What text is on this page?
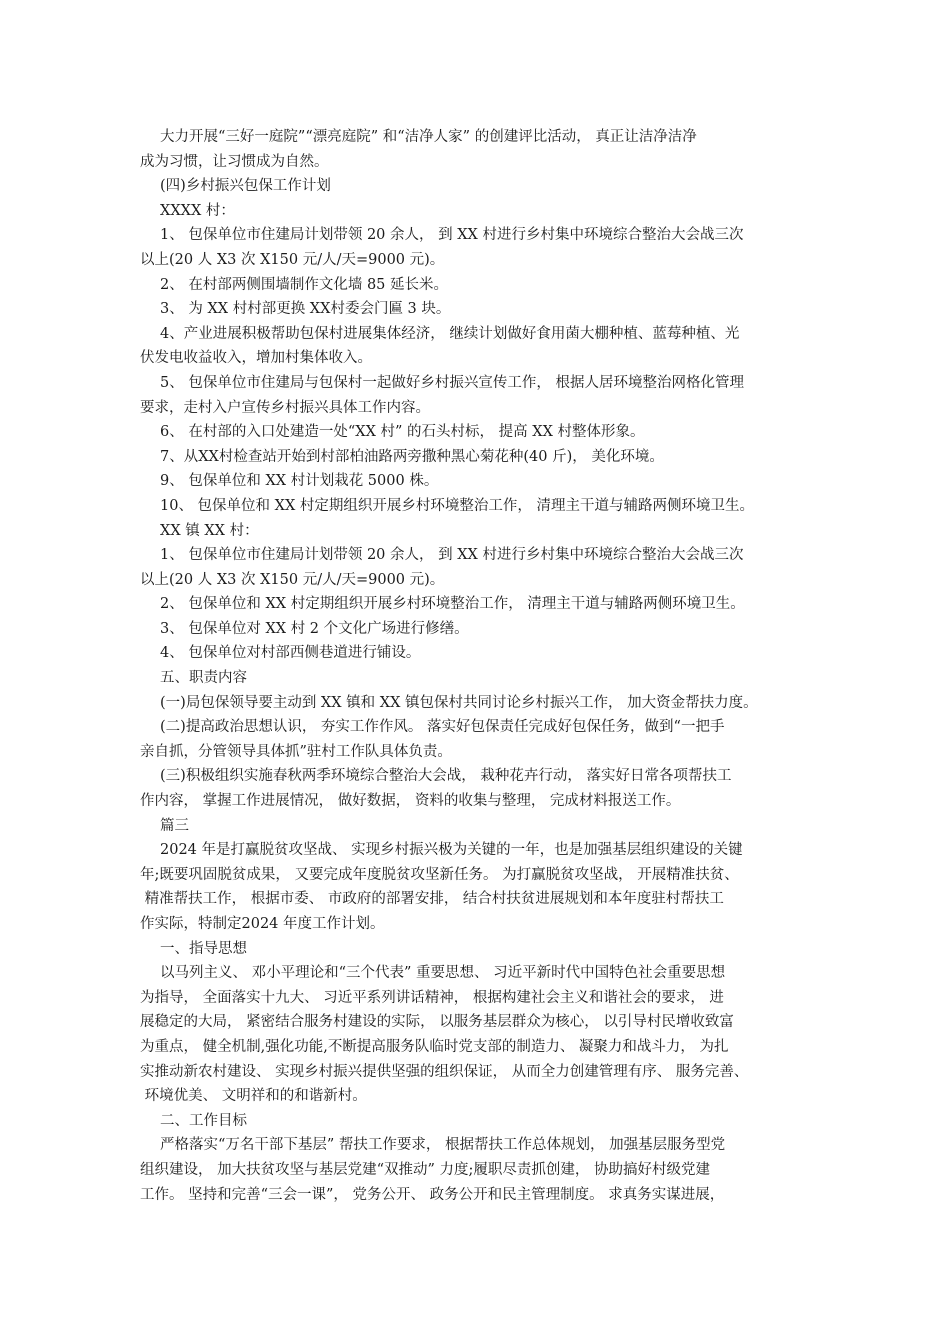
大力开展“三好一庭院”“漂亮庭院” 和“洁净人家” 的创建评比活动， 真正让洁净洁净
成为习惯，让习惯成为自然。
(四)乡村振兴包保工作计划
XXXX 村：
1、 包保单位市住建局计划带领 20 余人， 到 XX 村进行乡村集中环境综合整治大会战三次
以上(20 人 X3 次 X150 元/人/天=9000 元)。
2、 在村部两侧围墙制作文化墙 85 延长米。
3、 为 XX 村村部更换 XX村委会门匾 3 块。
4、产业进展积极帮助包保村进展集体经济， 继续计划做好食用菌大棚种植、蓝莓种植、光
伏发电收益收入，增加村集体收入。
5、 包保单位市住建局与包保村一起做好乡村振兴宣传工作， 根据人居环境整治网格化管理
要求，走村入户宣传乡村振兴具体工作内容。
6、 在村部的入口处建造一处“XX 村” 的石头村标， 提高 XX 村整体形象。
7、从XX村检查站开始到村部柏油路两旁撒种黑心菊花种(40 斤)， 美化环境。
9、 包保单位和 XX 村计划栽花 5000 株。
10、 包保单位和 XX 村定期组织开展乡村环境整治工作， 清理主干道与辅路两侧环境卫生。
XX 镇 XX 村：
1、 包保单位市住建局计划带领 20 余人， 到 XX 村进行乡村集中环境综合整治大会战三次
以上(20 人 X3 次 X150 元/人/天=9000 元)。
2、 包保单位和 XX 村定期组织开展乡村环境整治工作， 清理主干道与辅路两侧环境卫生。
3、 包保单位对 XX 村 2 个文化广场进行修缮。
4、 包保单位对村部西侧巷道进行铺设。
五、职责内容
(一)局包保领导要主动到 XX 镇和 XX 镇包保村共同讨论乡村振兴工作， 加大资金帮扶力度。
(二)提高政治思想认识， 夯实工作作风。 落实好包保责任完成好包保任务，做到“一把手
亲自抓，分管领导具体抓”驻村工作队具体负责。
(三)积极组织实施春秋两季环境综合整治大会战， 栽种花卉行动， 落实好日常各项帮扶工
作内容， 掌握工作进展情况， 做好数据， 资料的收集与整理， 完成材料报送工作。
篇三
2024 年是打赢脱贫攻坚战、 实现乡村振兴极为关键的一年，也是加强基层组织建设的关键
年;既要巩固脱贫成果， 又要完成年度脱贫攻坚新任务。 为打赢脱贫攻坚战， 开展精准扶贫、
精准帮扶工作， 根据市委、 市政府的部署安排， 结合村扶贫进展规划和本年度驻村帮扶工
作实际，特制定2024 年度工作计划。
一、指导思想
以马列主义、 邓小平理论和“三个代表” 重要思想、 习近平新时代中国特色社会重要思想
为指导， 全面落实十九大、 习近平系列讲话精神， 根据构建社会主义和谐社会的要求， 进
展稳定的大局， 紧密结合服务村建设的实际， 以服务基层群众为核心， 以引导村民增收致富
为重点， 健全机制,强化功能,不断提高服务队临时党支部的制造力、 凝聚力和战斗力， 为扎
实推动新农村建设、 实现乡村振兴提供坚强的组织保证， 从而全力创建管理有序、 服务完善、
环境优美、 文明祥和的和谐新村。
二、工作目标
严格落实“万名干部下基层” 帮扶工作要求， 根据帮扶工作总体规划， 加强基层服务型党
组织建设， 加大扶贫攻坚与基层党建“双推动” 力度;履职尽责抓创建， 协助搞好村级党建
工作。 坚持和完善“三会一课”， 党务公开、 政务公开和民主管理制度。 求真务实谋进展，
